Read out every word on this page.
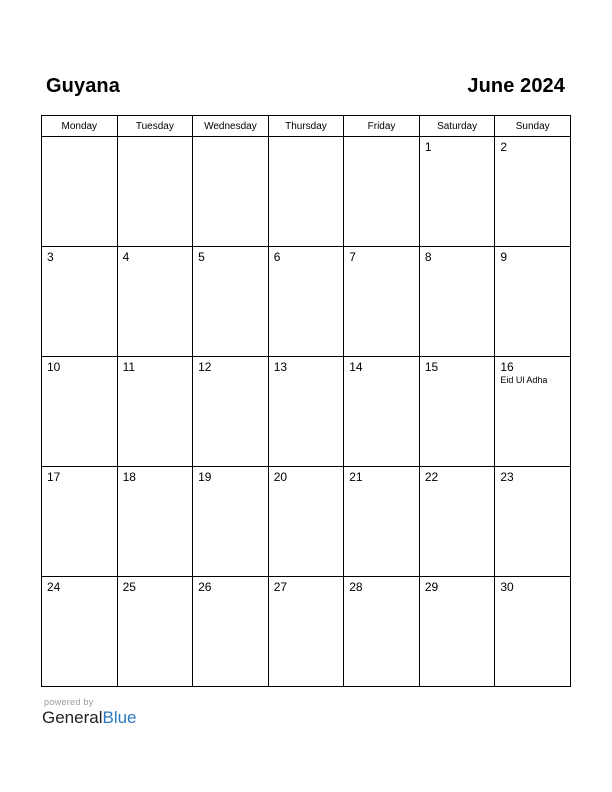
Guyana	June 2024
Monday	Tuesday	Wednesday	Thursday	Friday	Saturday	Sunday

					1	2

3	4	5	6	7	8	9

10	11	12	13	14	15	16
Eid Ul Adha

17	18	19	20	21	22	23

24	25	26	27	28	29	30
powered by
GeneralBlue
